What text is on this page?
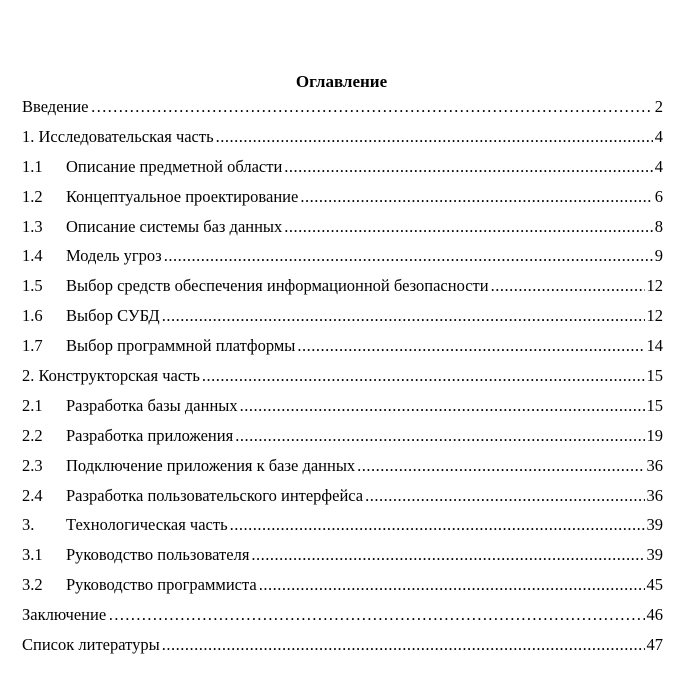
Оглавление
Введение ……………………………………………………………………………………………………………………………	2
1. Исследовательская часть .....	4
1.1	Описание предметной области .....	4
1.2	Концептуальное проектирование .....	6
1.3	Описание системы баз данных .....	8
1.4	Модель угроз .....	9
1.5	Выбор средств обеспечения информационной безопасности .....	12
1.6	Выбор СУБД .....	12
1.7	Выбор программной платформы .....	14
2. Конструкторская часть .....	15
2.1	Разработка базы данных .....	15
2.2	Разработка приложения .....	19
2.3	Подключение приложения к базе данных .....	36
2.4	Разработка пользовательского интерфейса .....	36
3.	Технологическая часть .....	39
3.1	Руководство пользователя .....	39
3.2	Руководство программиста .....	45
Заключение ……………………………………………………………………………………………………………………………	46
Список литературы .....	47
